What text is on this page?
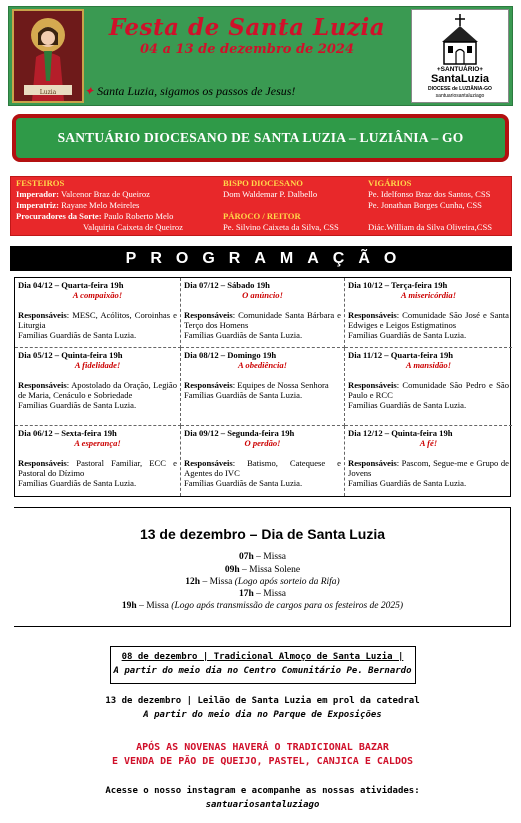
Luzia
Festa de Santa Luzia
04 a 13 de dezembro de 2024
✦ Santa Luzia, sigamos os passos de Jesus!
+SANTUÁRIO+
SantaLuzia
DIOCESE de LUZIÂNIA-GO
santuariosantaluziago
SANTUÁRIO DIOCESANO DE SANTA LUZIA – LUZIÂNIA – GO
FESTEIROS
Imperador: Valcenor Braz de Queiroz
Imperatriz: Rayane Melo Meireles
Procuradores da Sorte: Paulo Roberto Melo
Valquiria Caixeta de Queiroz
BISPO DIOCESANO
Dom Waldemar P. Dalbello
PÁROCO / REITOR
Pe. Silvino Caixeta da Silva, CSS
VIGÁRIOS
Pe. Idelfonso Braz dos Santos, CSS
Pe. Jonathan Borges Cunha, CSS
Diác.William da Silva Oliveira,CSS
PROGRAMAÇÃO
Dia 04/12 – Quarta-feira 19h
A compaixão!
Responsáveis: MESC, Acólitos, Coroinhas e Liturgia
Famílias Guardiãs de Santa Luzia.
Dia 07/12 – Sábado 19h
O anúncio!
Responsáveis: Comunidade Santa Bárbara e Terço dos Homens
Famílias Guardiãs de Santa Luzia.
Dia 10/12 – Terça-feira 19h
A misericórdia!
Responsáveis: Comunidade São José e Santa Edwiges e Leigos Estigmatinos
Famílias Guardiãs de Santa Luzia.
Dia 05/12 – Quinta-feira 19h
A fidelidade!
Responsáveis: Apostolado da Oração, Legião de Maria, Cenáculo e Sobriedade
Famílias Guardiãs de Santa Luzia.
Dia 08/12 – Domingo 19h
A obediência!
Responsáveis: Equipes de Nossa Senhora
Famílias Guardiãs de Santa Luzia.
Dia 11/12 – Quarta-feira 19h
A mansidão!
Responsáveis: Comunidade São Pedro e São Paulo e RCC
Famílias Guardiãs de Santa Luzia.
Dia 06/12 – Sexta-feira 19h
A esperança!
Responsáveis: Pastoral Familiar, ECC e Pastoral do Dízimo
Famílias Guardiãs de Santa Luzia.
Dia 09/12 – Segunda-feira 19h
O perdão!
Responsáveis: Batismo, Catequese e Agentes do IVC
Famílias Guardiãs de Santa Luzia.
Dia 12/12 – Quinta-feira 19h
A fé!
Responsáveis: Pascom, Segue-me e Grupo de Jovens
Famílias Guardiãs de Santa Luzia.
13 de dezembro – Dia de Santa Luzia
07h – Missa
09h – Missa Solene
12h – Missa (Logo após sorteio da Rifa)
17h – Missa
19h – Missa (Logo após transmissão de cargos para os festeiros de 2025)
08 de dezembro | Tradicional Almoço de Santa Luzia |
A partir do meio dia no Centro Comunitário Pe. Bernardo
13 de dezembro | Leilão de Santa Luzia em prol da catedral
A partir do meio dia no Parque de Exposições
APÓS AS NOVENAS HAVERÁ O TRADICIONAL BAZAR
E VENDA DE PÃO DE QUEIJO, PASTEL, CANJICA E CALDOS
Acesse o nosso instagram e acompanhe as nossas atividades:
santuariosantaluziago
